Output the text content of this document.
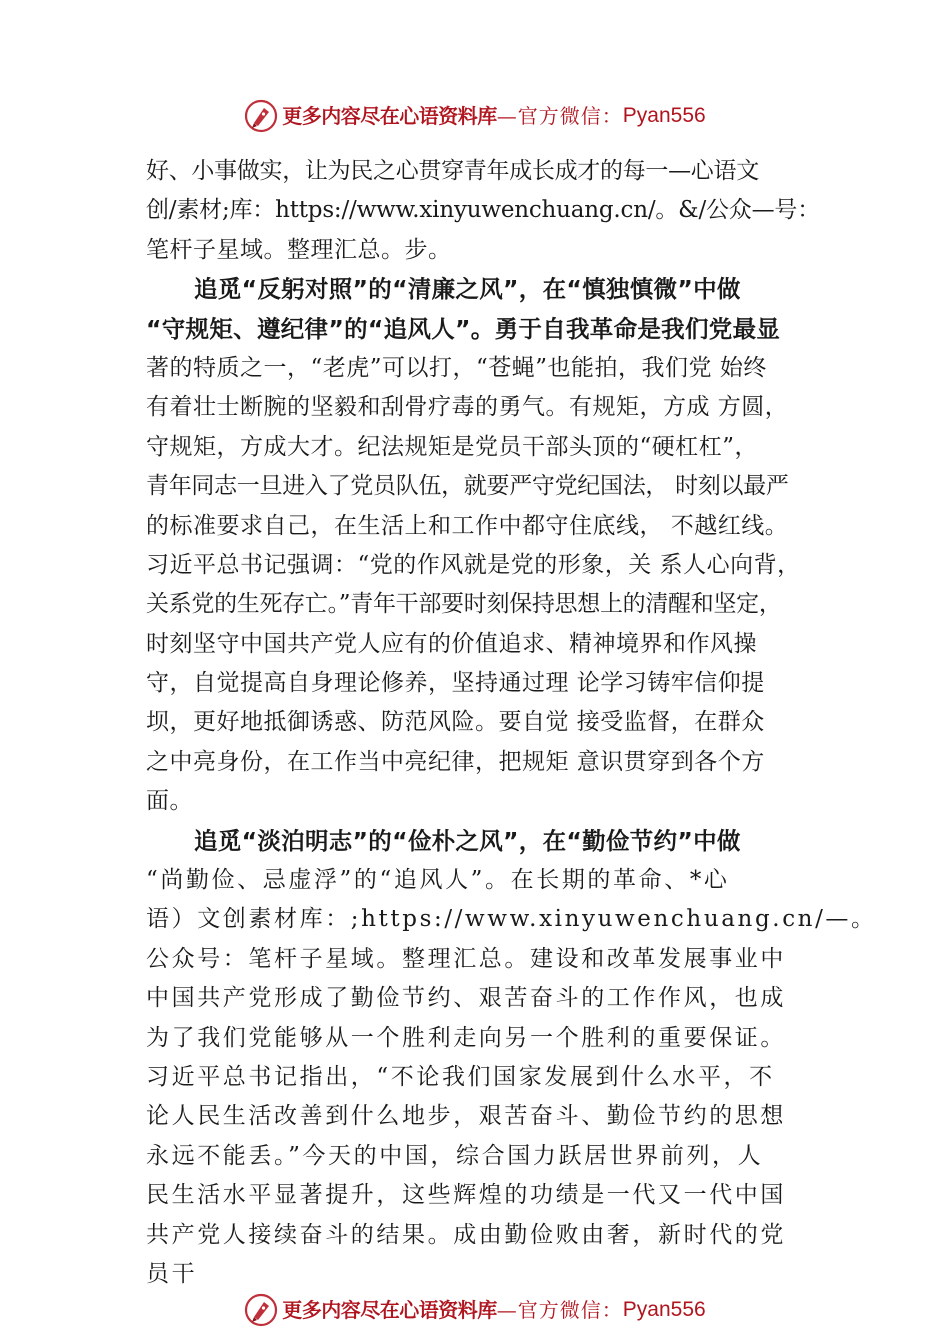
更多内容尽在心语资料库 —官方微信： Pyan556
好、小事做实，让为民之心贯穿青年成长成才的每一—心语文
创/素材;库：https://www.xinyuwenchuang.cn/。&/公众—号：
笔杆子星域。整理汇总。步。
追觅“反躬对照”的“清廉之风”，在“慎独慎微”中做
“守规矩、遵纪律”的“追风人”。勇于自我革命是我们党最显
著的特质之一，“老虎”可以打，“苍蝇”也能拍，我们党 始终
有着壮士断腕的坚毅和刮骨疗毒的勇气。有规矩，方成 方圆，
守规矩，方成大才。纪法规矩是党员干部头顶的“硬杠杠”，
青年同志一旦进入了党员队伍，就要严守党纪国法， 时刻以最严
的标准要求自己，在生活上和工作中都守住底线， 不越红线。
习近平总书记强调：“党的作风就是党的形象，关 系人心向背，
关系党的生死存亡。”青年干部要时刻保持思想上的清醒和坚定，
时刻坚守中国共产党人应有的价值追求、精神境界和作风操
守，自觉提高自身理论修养，坚持通过理 论学习铸牢信仰提
坝，更好地抵御诱惑、防范风险。要自觉 接受监督，在群众
之中亮身份，在工作当中亮纪律，把规矩 意识贯穿到各个方
面。
追觅“淡泊明志”的“俭朴之风”，在“勤俭节约”中做
“尚勤俭、忌虚浮”的“追风人”。在长期的革命、*心
语）文创素材库：;https://www.xinyuwenchuang.cn/—。
公众号：笔杆子星域。整理汇总。建设和改革发展事业中
中国共产党形成了勤俭节约、艰苦奋斗的工作作风，也成
为了我们党能够从一个胜利走向另一个胜利的重要保证。
习近平总书记指出，“不论我们国家发展到什么水平，不
论人民生活改善到什么地步，艰苦奋斗、勤俭节约的思想
永远不能丢。”今天的中国，综合国力跃居世界前列，人
民生活水平显著提升，这些辉煌的功绩是一代又一代中国
共产党人接续奋斗的结果。成由勤俭败由奢，新时代的党
员干
更多内容尽在心语资料库 —官方微信： Pyan556
